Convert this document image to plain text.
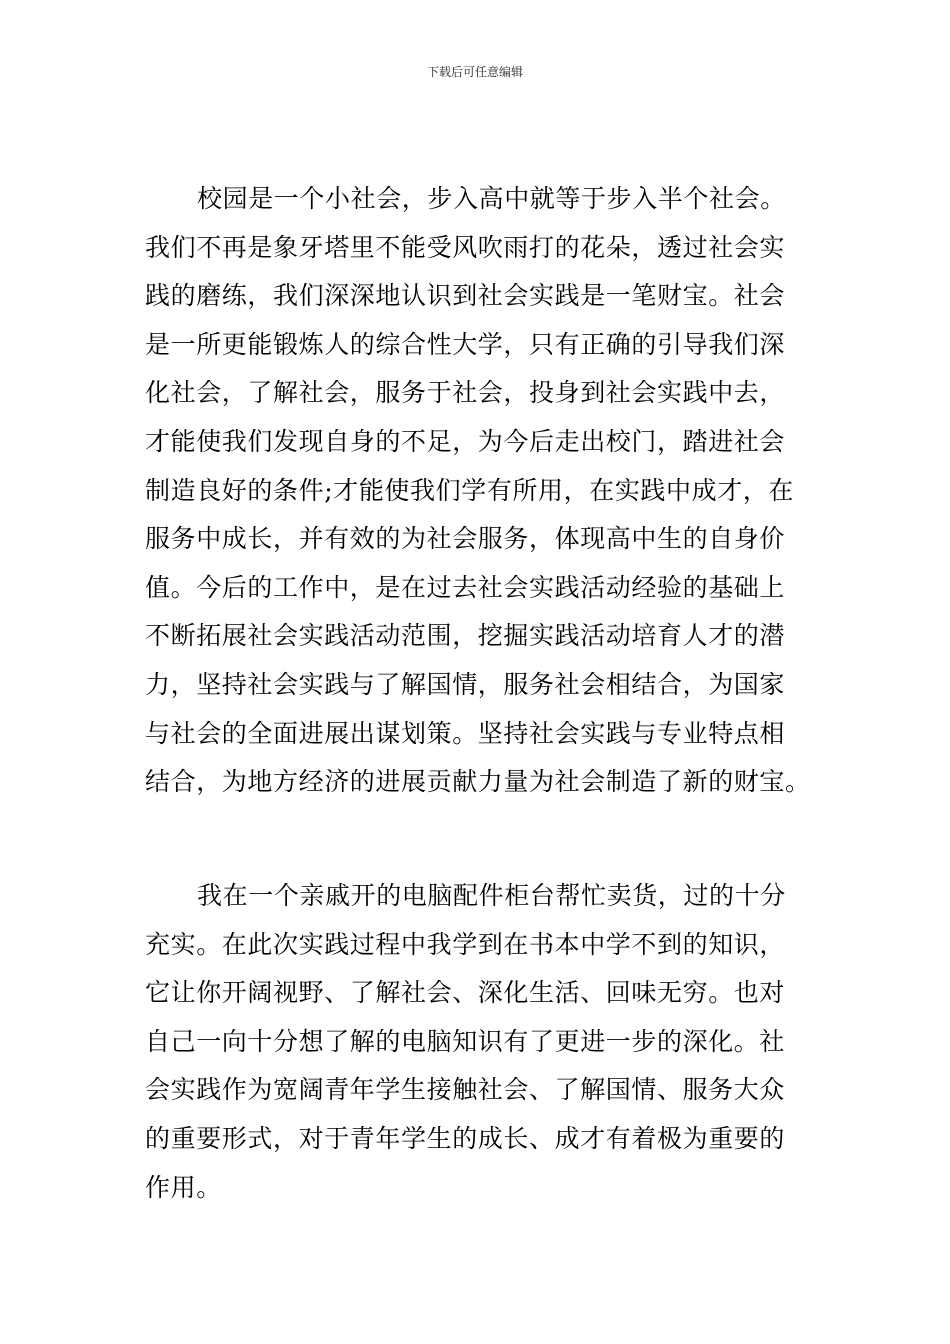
下载后可任意编辑
校园是一个小社会，步入高中就等于步入半个社会。
我们不再是象牙塔里不能受风吹雨打的花朵，透过社会实
践的磨练，我们深深地认识到社会实践是一笔财宝。社会
是一所更能锻炼人的综合性大学，只有正确的引导我们深
化社会，了解社会，服务于社会，投身到社会实践中去，
才能使我们发现自身的不足，为今后走出校门，踏进社会
制造良好的条件;才能使我们学有所用，在实践中成才，在
服务中成长，并有效的为社会服务，体现高中生的自身价
值。今后的工作中，是在过去社会实践活动经验的基础上
不断拓展社会实践活动范围，挖掘实践活动培育人才的潜
力，坚持社会实践与了解国情，服务社会相结合，为国家
与社会的全面进展出谋划策。坚持社会实践与专业特点相
结合，为地方经济的进展贡献力量为社会制造了新的财宝。
我在一个亲戚开的电脑配件柜台帮忙卖货，过的十分
充实。在此次实践过程中我学到在书本中学不到的知识，
它让你开阔视野、了解社会、深化生活、回味无穷。也对
自己一向十分想了解的电脑知识有了更进一步的深化。社
会实践作为宽阔青年学生接触社会、了解国情、服务大众
的重要形式，对于青年学生的成长、成才有着极为重要的
作用。
